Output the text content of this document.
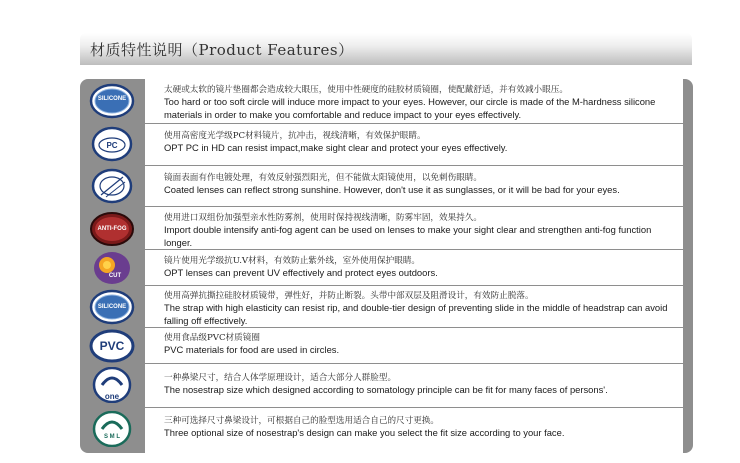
材质特性说明（Product Features）
SILICONE
太硬或太软的镜片垫圈都会造成较大眼压，使用中性硬度的硅胶材质镜圈，使配戴舒适，并有效减小眼压。
Too hard or too soft circle will induce more impact to your eyes. However, our circle is made of the M-hardness silicone materials in order to make you comfortable and reduce impact to your eyes effectively.
PC
使用高密度光学级PC材料镜片，抗冲击，视线清晰，有效保护眼睛。
OPT PC in HD can resist impact,make sight clear and protect your eyes effectively.
镜面表面有作电镀处理，有效反射强烈阳光，但不能做太阳镜使用，以免刺伤眼睛。
Coated lenses can reflect strong sunshine. However, don't use it as sunglasses, or it will be bad for your eyes.
ANTI-FOG
使用进口双组份加强型亲水性防雾剂，使用时保持视线清晰，防雾牢固，效果持久。
Import double intensify anti-fog agent can be used on lenses to make your sight clear and strengthen anti-fog function longer.
CUT
镜片使用光学级抗U.V材料，有效防止紫外线，室外使用保护眼睛。
OPT lenses can prevent UV effectively and protect eyes outdoors.
SILICONE
使用高弹抗撕拉硅胶材质镜带，弹性好，并防止断裂。头带中部双层及阻滑设计，有效防止脱落。
The strap with high elasticity can resist rip, and double-tier design of preventing slide in the middle of headstrap can avoid falling off effectively.
PVC
使用食品级PVC材质镜圈
PVC materials for food are used in circles.
one
一种鼻梁尺寸，结合人体学原理设计，适合大部分人群脸型。
The nosestrap size which designed according to somatology principle can be fit for many faces of persons'.
S M L
三种可选择尺寸鼻梁设计，可根据自己的脸型选用适合自己的尺寸更换。
Three optional size of nosestrap's design can make you select the fit size according to your face.
